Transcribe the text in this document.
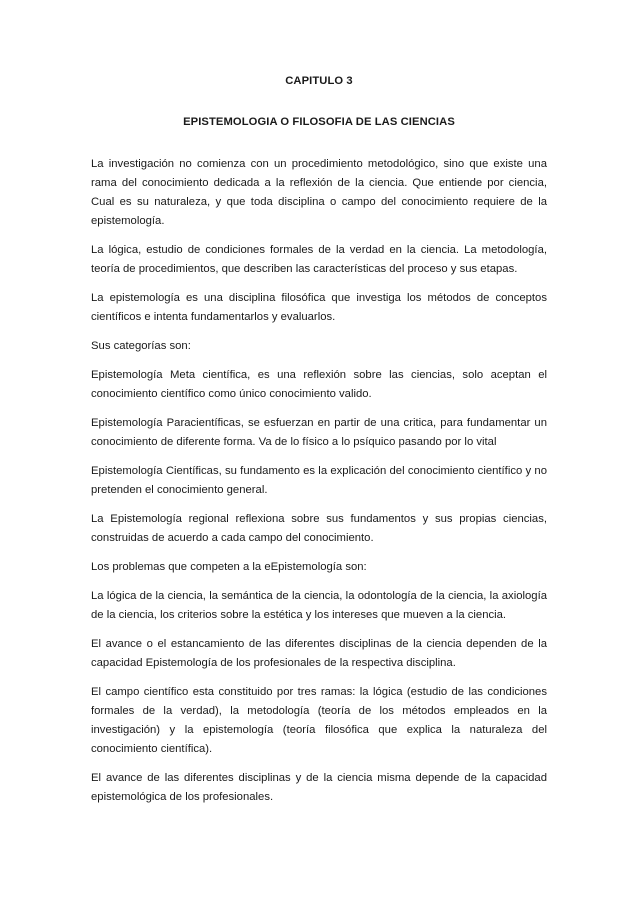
CAPITULO 3
EPISTEMOLOGIA O FILOSOFIA DE LAS CIENCIAS

La investigación no comienza con un procedimiento metodológico, sino que existe una rama del conocimiento dedicada a la reflexión de la ciencia. Que entiende por ciencia, Cual es su naturaleza, y que toda disciplina o campo del conocimiento requiere de la epistemología.

La lógica, estudio de condiciones formales de la verdad en la ciencia. La metodología, teoría de procedimientos, que describen las características del proceso y sus etapas.

La epistemología es una disciplina filosófica que investiga los métodos de conceptos científicos e intenta fundamentarlos y evaluarlos.

Sus categorías son:

Epistemología Meta científica, es una reflexión sobre las ciencias, solo aceptan el conocimiento científico como único conocimiento valido.

Epistemología Paracientíficas, se esfuerzan en partir de una critica, para fundamentar un conocimiento de diferente forma. Va de lo físico a lo psíquico pasando por lo vital

Epistemología Científicas, su fundamento es la explicación del conocimiento científico y no pretenden el conocimiento general.

La Epistemología regional reflexiona sobre sus fundamentos y sus propias ciencias, construidas de acuerdo a cada campo del conocimiento.

Los problemas que competen a la eEpistemología son:

La lógica de la ciencia, la semántica de la ciencia, la odontología de la ciencia, la axiología de la ciencia, los criterios sobre la estética y los intereses que mueven a la ciencia.

El avance o el estancamiento de las diferentes disciplinas de la ciencia dependen de la capacidad Epistemología de los profesionales de la respectiva disciplina.

El campo científico esta constituido por tres ramas: la lógica (estudio de las condiciones formales de la verdad), la metodología (teoría de los métodos empleados en la investigación) y la epistemología (teoría filosófica que explica la naturaleza del conocimiento científica).

El avance de las diferentes disciplinas y de la ciencia misma depende de la capacidad epistemológica de los profesionales.
